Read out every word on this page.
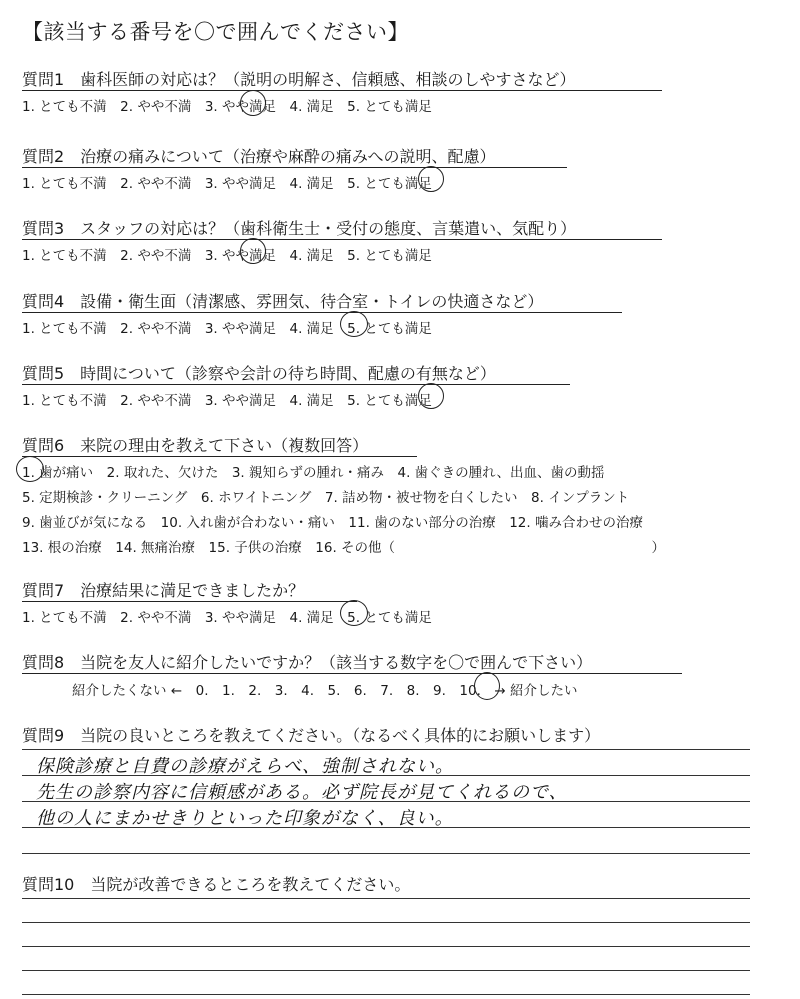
【該当する番号を〇で囲んでください】
質問1　歯科医師の対応は？（説明の明解さ、信頼感、相談のしやすさなど）
1. とても不満　2. やや不満　3. やや満足　4. 満足　5. とても満足
質問2　治療の痛みについて（治療や麻酔の痛みへの説明、配慮）
1. とても不満　2. やや不満　3. やや満足　4. 満足　5. とても満足
質問3　スタッフの対応は？（歯科衛生士・受付の態度、言葉遣い、気配り）
1. とても不満　2. やや不満　3. やや満足　4. 満足　5. とても満足
質問4　設備・衛生面（清潔感、雰囲気、待合室・トイレの快適さなど）
1. とても不満　2. やや不満　3. やや満足　4. 満足　5. とても満足
質問5　時間について（診察や会計の待ち時間、配慮の有無など）
1. とても不満　2. やや不満　3. やや満足　4. 満足　5. とても満足
質問6　来院の理由を教えて下さい（複数回答）
1. 歯が痛い　2. 取れた、欠けた　3. 親知らずの腫れ・痛み　4. 歯ぐきの腫れ、出血、歯の動揺
5. 定期検診・クリーニング　6. ホワイトニング　7. 詰め物・被せ物を白くしたい　8. インプラント
9. 歯並びが気になる　10. 入れ歯が合わない・痛い　11. 歯のない部分の治療　12. 噛み合わせの治療
13. 根の治療　14. 無痛治療　15. 子供の治療　16. その他（　　　　　　　　　　　　　　　　　　　）
質問7　治療結果に満足できましたか？
1. とても不満　2. やや不満　3. やや満足　4. 満足　5. とても満足
質問8　当院を友人に紹介したいですか？（該当する数字を〇で囲んで下さい）
紹介したくない ←　0.　1.　2.　3.　4.　5.　6.　7.　8.　9.　10.　→ 紹介したい
質問9　当院の良いところを教えてください。（なるべく具体的にお願いします）
保険診療と自費の診療がえらべ、強制されない。
先生の診察内容に信頼感がある。必ず院長が見てくれるので、
他の人にまかせきりといった印象がなく、良い。
質問10　当院が改善できるところを教えてください。
